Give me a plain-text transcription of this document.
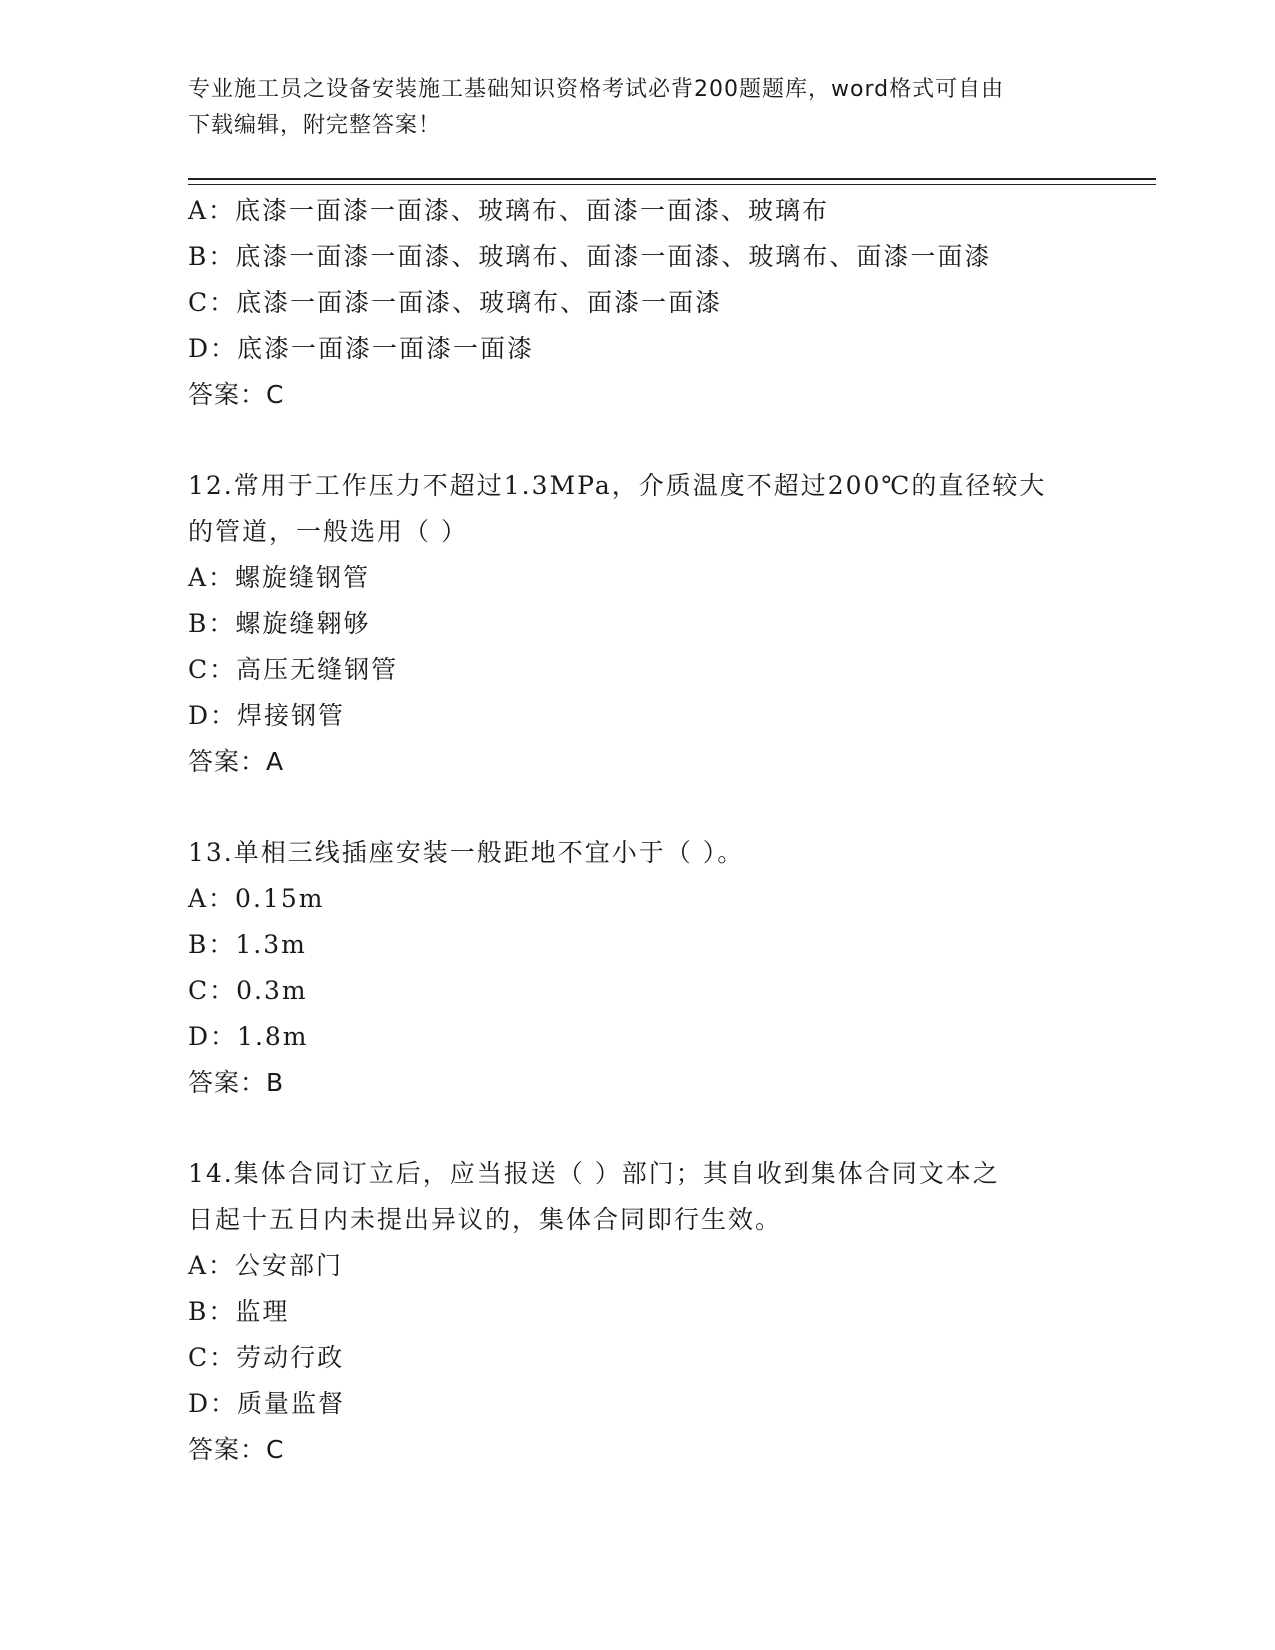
专业施工员之设备安装施工基础知识资格考试必背200题题库，word格式可自由
下载编辑，附完整答案！
A：底漆一面漆一面漆、玻璃布、面漆一面漆、玻璃布
B：底漆一面漆一面漆、玻璃布、面漆一面漆、玻璃布、面漆一面漆
C：底漆一面漆一面漆、玻璃布、面漆一面漆
D：底漆一面漆一面漆一面漆
答案：C
12.常用于工作压力不超过1.3MPa，介质温度不超过200℃的直径较大
的管道，一般选用（ ）
A：螺旋缝钢管
B：螺旋缝翱够
C：高压无缝钢管
D：焊接钢管
答案：A
13.单相三线插座安装一般距地不宜小于（ ）。
A：0.15m
B：1.3m
C：0.3m
D：1.8m
答案：B
14.集体合同订立后，应当报送（ ）部门；其自收到集体合同文本之
日起十五日内未提出异议的，集体合同即行生效。
A：公安部门
B：监理
C：劳动行政
D：质量监督
答案：C
